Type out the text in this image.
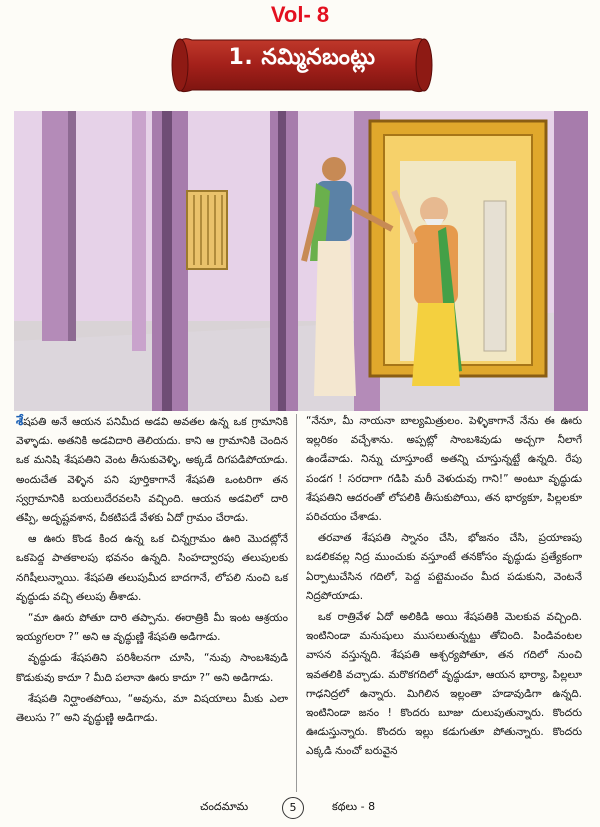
Vol- 8
1. నమ్మినబంట్లు

శేషపతి అనే ఆయన పనిమీద అడవి అవతల ఉన్న ఒక గ్రామానికి వెళ్ళాడు. అతనికి అడవిదారి తెలియదు. కాని ఆ గ్రామానికి చెందిన ఒక మనిషి శేషపతిని వెంట తీసుకువెళ్ళి, అక్కడే దిగపడిపోయాడు. అందుచేత వెళ్ళిన పని పూర్తికాగానే శేషపతి ఒంటరిగా తన స్వగ్రామానికి బయలుదేరవలసి వచ్చింది. ఆయన అడవిలో దారి తప్పి, అదృష్టవశాన, చీకటిపడే వేళకు ఏదో గ్రామం చేరాడు.

ఆ ఊరు కొండ కింద ఉన్న ఒక చిన్నగ్రామం ఊరి మొదట్లోనే ఒకపెద్ద పాతకాలపు భవనం ఉన్నది. సింహద్వారపు తలుపులకు నగిషీలున్నాయి. శేషపతి తలుపుమీద బాదగానే, లోపలి నుంచి ఒక వృద్ధుడు వచ్చి తలుపు తీశాడు.

“మా ఊరు పోతూ దారి తప్పాను. ఈరాత్రికి మీ ఇంట ఆశ్రయం ఇయ్యగలరా ?” అని ఆ వృద్ధుణ్ణి శేషపతి అడిగాడు.

వృద్ధుడు శేషపతిని పరిశీలనగా చూసి, “నువు సాంబశివుడి కొడుకువు కాదూ ? మీది పలానా ఊరు కాదూ ?” అని అడిగాడు.

శేషపతి నిర్ఘాంతపోయి, “అవును, మా విషయాలు మీకు ఎలా తెలుసు ?” అని వృద్ధుణ్ణి అడిగాడు.

“నేనూ, మీ నాయనా బాల్యమిత్రులం. పెళ్ళికాగానే నేను ఈ ఊరు ఇల్లరికం వచ్చేశాను. అప్పట్లో సాంబశివుడు అచ్చగా నీలాగే ఉండేవాడు. నిన్ను చూస్తూంటే అతన్ని చూస్తున్నట్టే ఉన్నది. రేపు పండగ ! సరదాగా గడిపి మరీ వెళుదువు గాని!” అంటూ వృద్ధుడు శేషపతిని ఆదరంతో లోపలికి తీసుకుపోయి, తన భార్యకూ, పిల్లలకూ పరిచయం చేశాడు.

తరవాత శేషపతి స్నానం చేసి, భోజనం చేసి, ప్రయాణపు బడలికవల్ల నిద్ర ముంచుకు వస్తూంటే తనకోసం వృద్ధుడు ప్రత్యేకంగా ఏర్పాటుచేసిన గదిలో, పెద్ద పట్టెమంచం మీద పడుకుని, వెంటనే నిద్రపోయాడు.

ఒక రాత్రివేళ ఏదో అలికిడి అయి శేషపతికి మెలకువ వచ్చింది. ఇంటినిండా మనుషులు ముసలుతున్నట్టు తోచింది. పిండివంటల వాసన వస్తున్నది. శేషపతి ఆశ్చర్యపోతూ, తన గదిలో నుంచి ఇవతలికి వచ్చాడు. మరొకగదిలో వృద్ధుడూ, ఆయన భార్యా, పిల్లలూ గాఢనిద్రలో ఉన్నారు. మిగిలిన ఇల్లంతా హడావుడిగా ఉన్నది. ఇంటినిండా జనం ! కొందరు బూజు దులుపుతున్నారు. కొందరు ఊడుస్తున్నారు. కొందరు ఇల్లు కడుగుతూ పోతున్నారు. కొందరు ఎక్కడి నుంచో బరువైన

చందమామ	5	కథలు - 8
